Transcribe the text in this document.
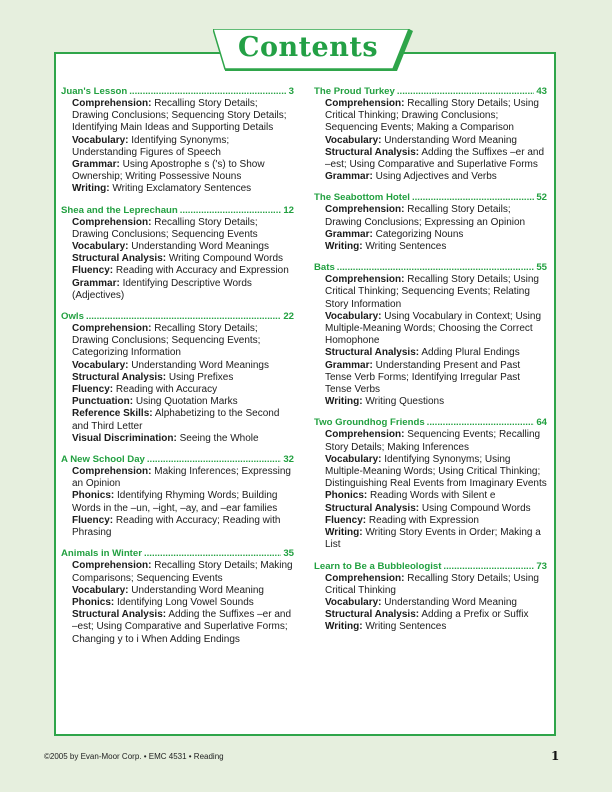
Contents
Juan's Lesson .....	3
Comprehension: Recalling Story Details; Drawing Conclusions; Sequencing Story Details; Identifying Main Ideas and Supporting Details
Vocabulary: Identifying Synonyms; Understanding Figures of Speech
Grammar: Using Apostrophe s ('s) to Show Ownership; Writing Possessive Nouns
Writing: Writing Exclamatory Sentences
Shea and the Leprechaun .....	12
Comprehension: Recalling Story Details; Drawing Conclusions; Sequencing Events
Vocabulary: Understanding Word Meanings
Structural Analysis: Writing Compound Words
Fluency: Reading with Accuracy and Expression
Grammar: Identifying Descriptive Words (Adjectives)
Owls .....	22
Comprehension: Recalling Story Details; Drawing Conclusions; Sequencing Events; Categorizing Information
Vocabulary: Understanding Word Meanings
Structural Analysis: Using Prefixes
Fluency: Reading with Accuracy
Punctuation: Using Quotation Marks
Reference Skills: Alphabetizing to the Second and Third Letter
Visual Discrimination: Seeing the Whole
A New School Day .....	32
Comprehension: Making Inferences; Expressing an Opinion
Phonics: Identifying Rhyming Words; Building Words in the –un, –ight, –ay, and –ear families
Fluency: Reading with Accuracy; Reading with Phrasing
Animals in Winter .....	35
Comprehension: Recalling Story Details; Making Comparisons; Sequencing Events
Vocabulary: Understanding Word Meaning
Phonics: Identifying Long Vowel Sounds
Structural Analysis: Adding the Suffixes –er and –est; Using Comparative and Superlative Forms; Changing y to i When Adding Endings
The Proud Turkey .....	43
Comprehension: Recalling Story Details; Using Critical Thinking; Drawing Conclusions; Sequencing Events; Making a Comparison
Vocabulary: Understanding Word Meaning
Structural Analysis: Adding the Suffixes –er and –est; Using Comparative and Superlative Forms
Grammar: Using Adjectives and Verbs
The Seabottom Hotel .....	52
Comprehension: Recalling Story Details; Drawing Conclusions; Expressing an Opinion
Grammar: Categorizing Nouns
Writing: Writing Sentences
Bats .....	55
Comprehension: Recalling Story Details; Using Critical Thinking; Sequencing Events; Relating Story Information
Vocabulary: Using Vocabulary in Context; Using Multiple-Meaning Words; Choosing the Correct Homophone
Structural Analysis: Adding Plural Endings
Grammar: Understanding Present and Past Tense Verb Forms; Identifying Irregular Past Tense Verbs
Writing: Writing Questions
Two Groundhog Friends .....	64
Comprehension: Sequencing Events; Recalling Story Details; Making Inferences
Vocabulary: Identifying Synonyms; Using Multiple-Meaning Words; Using Critical Thinking; Distinguishing Real Events from Imaginary Events
Phonics: Reading Words with Silent e
Structural Analysis: Using Compound Words
Fluency: Reading with Expression
Writing: Writing Story Events in Order; Making a List
Learn to Be a Bubbleologist .....	73
Comprehension: Recalling Story Details; Using Critical Thinking
Vocabulary: Understanding Word Meaning
Structural Analysis: Adding a Prefix or Suffix
Writing: Writing Sentences
©2005 by Evan-Moor Corp. • EMC 4531 • Reading	1
